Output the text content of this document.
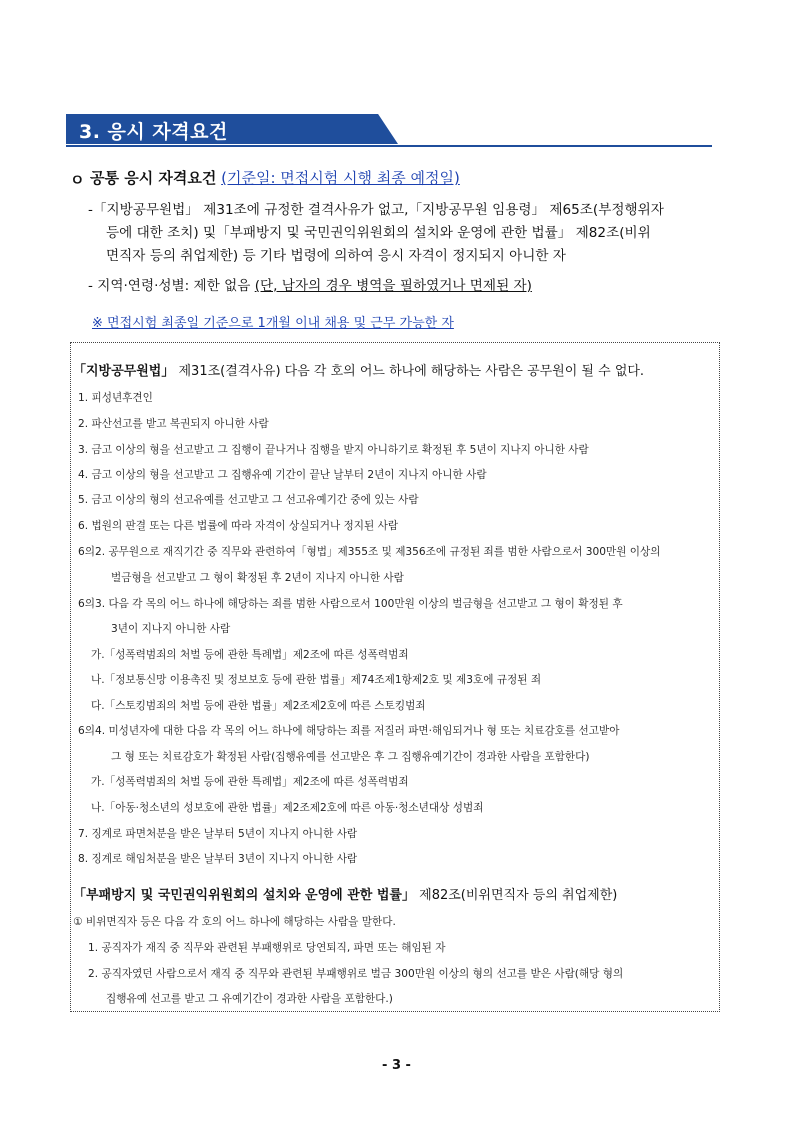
3. 응시 자격요건
ㅇ 공통 응시 자격요건 (기준일: 면접시험 시행 최종 예정일)
-「지방공무원법」 제31조에 규정한 결격사유가 없고,「지방공무원 임용령」 제65조(부정행위자
등에 대한 조치) 및「부패방지 및 국민권익위원회의 설치와 운영에 관한 법률」 제82조(비위
면직자 등의 취업제한) 등 기타 법령에 의하여 응시 자격이 정지되지 아니한 자
- 지역·연령·성별: 제한 없음 (단, 남자의 경우 병역을 필하였거나 면제된 자)
※ 면접시험 최종일 기준으로 1개월 이내 채용 및 근무 가능한 자
「지방공무원법」 제31조(결격사유) 다음 각 호의 어느 하나에 해당하는 사람은 공무원이 될 수 없다.
1. 피성년후견인
2. 파산선고를 받고 복권되지 아니한 사람
3. 금고 이상의 형을 선고받고 그 집행이 끝나거나 집행을 받지 아니하기로 확정된 후 5년이 지나지 아니한 사람
4. 금고 이상의 형을 선고받고 그 집행유예 기간이 끝난 날부터 2년이 지나지 아니한 사람
5. 금고 이상의 형의 선고유예를 선고받고 그 선고유예기간 중에 있는 사람
6. 법원의 판결 또는 다른 법률에 따라 자격이 상실되거나 정지된 사람
6의2. 공무원으로 재직기간 중 직무와 관련하여「형법」제355조 및 제356조에 규정된 죄를 범한 사람으로서 300만원 이상의
벌금형을 선고받고 그 형이 확정된 후 2년이 지나지 아니한 사람
6의3. 다음 각 목의 어느 하나에 해당하는 죄를 범한 사람으로서 100만원 이상의 벌금형을 선고받고 그 형이 확정된 후
3년이 지나지 아니한 사람
가.「성폭력범죄의 처벌 등에 관한 특례법」제2조에 따른 성폭력범죄
나.「정보통신망 이용촉진 및 정보보호 등에 관한 법률」제74조제1항제2호 및 제3호에 규정된 죄
다.「스토킹범죄의 처벌 등에 관한 법률」제2조제2호에 따른 스토킹범죄
6의4. 미성년자에 대한 다음 각 목의 어느 하나에 해당하는 죄를 저질러 파면·해임되거나 형 또는 치료감호를 선고받아
그 형 또는 치료감호가 확정된 사람(집행유예를 선고받은 후 그 집행유예기간이 경과한 사람을 포함한다)
가.「성폭력범죄의 처벌 등에 관한 특례법」제2조에 따른 성폭력범죄
나.「아동·청소년의 성보호에 관한 법률」제2조제2호에 따른 아동·청소년대상 성범죄
7. 징계로 파면처분을 받은 날부터 5년이 지나지 아니한 사람
8. 징계로 해임처분을 받은 날부터 3년이 지나지 아니한 사람
「부패방지 및 국민권익위원회의 설치와 운영에 관한 법률」 제82조(비위면직자 등의 취업제한)
① 비위면직자 등은 다음 각 호의 어느 하나에 해당하는 사람을 말한다.
1. 공직자가 재직 중 직무와 관련된 부패행위로 당연퇴직, 파면 또는 해임된 자
2. 공직자였던 사람으로서 재직 중 직무와 관련된 부패행위로 벌금 300만원 이상의 형의 선고를 받은 사람(해당 형의
집행유예 선고를 받고 그 유예기간이 경과한 사람을 포함한다.)
- 3 -
